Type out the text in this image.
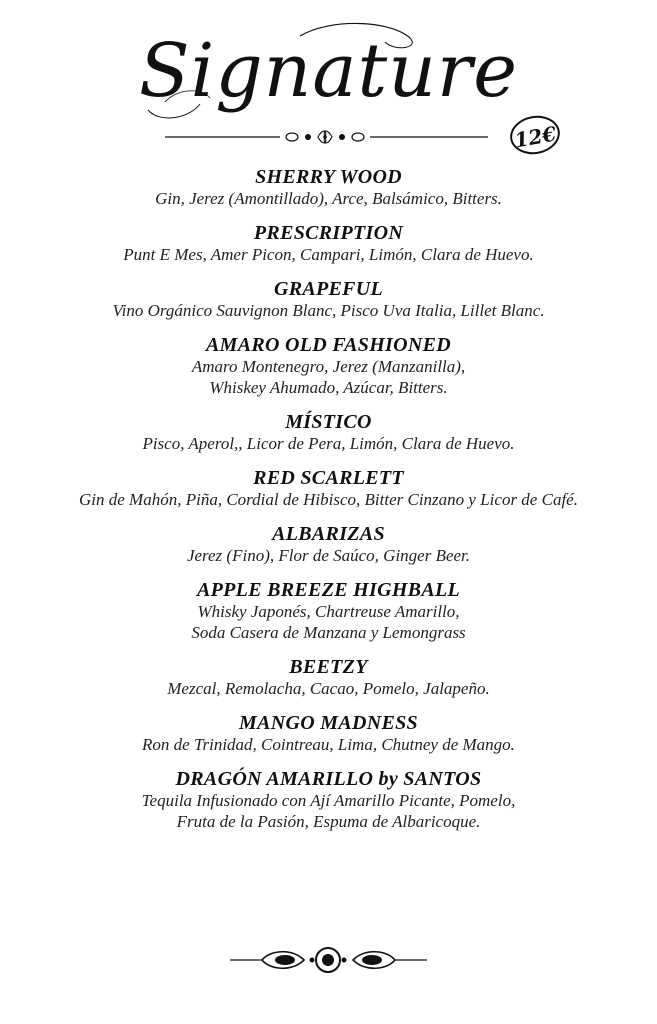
Signature
12€
SHERRY WOOD
Gin, Jerez (Amontillado), Arce, Balsámico, Bitters.
PRESCRIPTION
Punt E Mes, Amer Picon, Campari, Limón, Clara de Huevo.
GRAPEFUL
Vino Orgánico Sauvignon Blanc, Pisco Uva Italia, Lillet Blanc.
AMARO OLD FASHIONED
Amaro Montenegro, Jerez (Manzanilla),
Whiskey Ahumado, Azúcar, Bitters.
MÍSTICO
Pisco, Aperol,, Licor de Pera, Limón, Clara de Huevo.
RED SCARLETT
Gin de Mahón, Piña, Cordial de Hibisco, Bitter Cinzano y Licor de Café.
ALBARIZAS
Jerez (Fino), Flor de Saúco, Ginger Beer.
APPLE BREEZE HIGHBALL
Whisky Japonés, Chartreuse Amarillo,
Soda Casera de Manzana y Lemongrass
BEETZY
Mezcal, Remolacha, Cacao, Pomelo, Jalapeño.
MANGO MADNESS
Ron de Trinidad, Cointreau, Lima, Chutney de Mango.
DRAGÓN AMARILLO by SANTOS
Tequila Infusionado con Ají Amarillo Picante, Pomelo,
Fruta de la Pasión, Espuma de Albaricoque.
